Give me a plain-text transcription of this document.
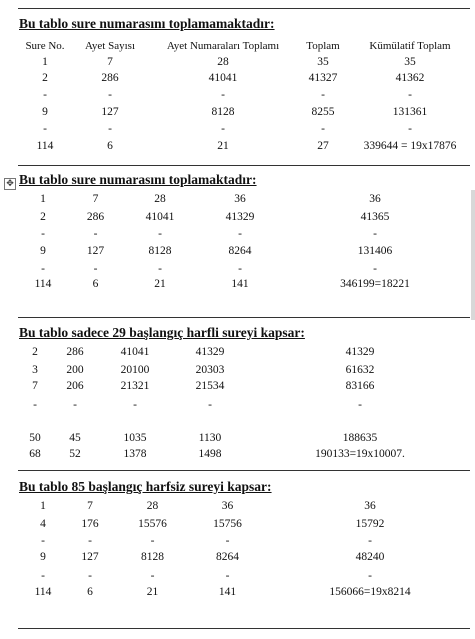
✥
Bu tablo sure numarasını toplamamaktadır:
Sure No.	Ayet Sayısı	Ayet Numaraları Toplamı	Toplam	Kümülatif Toplam
1	7	28	35	35
2	286	41041	41327	41362
-	-	-	-	-
9	127	8128	8255	131361
-	-	-	-	-
114	6	21	27	339644 = 19x17876
1	7	28	36	36
2	286	41041	41329	41365
-	-	-	-	-
9	127	8128	8264	131406
-	-	-	-	-
114	6	21	141	346199=18221
2	286	41041	41329	41329
3	200	20100	20303	61632
7	206	21321	21534	83166
-	-	-	-	-
50	45	1035	1130	188635
68	52	1378	1498	190133=19x10007.
1	7	28	36	36
4	176	15576	15756	15792
-	-	-	-	-
9	127	8128	8264	48240
-	-	-	-	-
114	6	21	141	156066=19x8214
Bu tablo sure numarasını toplamaktadır:
Bu tablo sadece 29 başlangıç harfli sureyi kapsar:
Bu tablo 85 başlangıç harfsiz sureyi kapsar:
